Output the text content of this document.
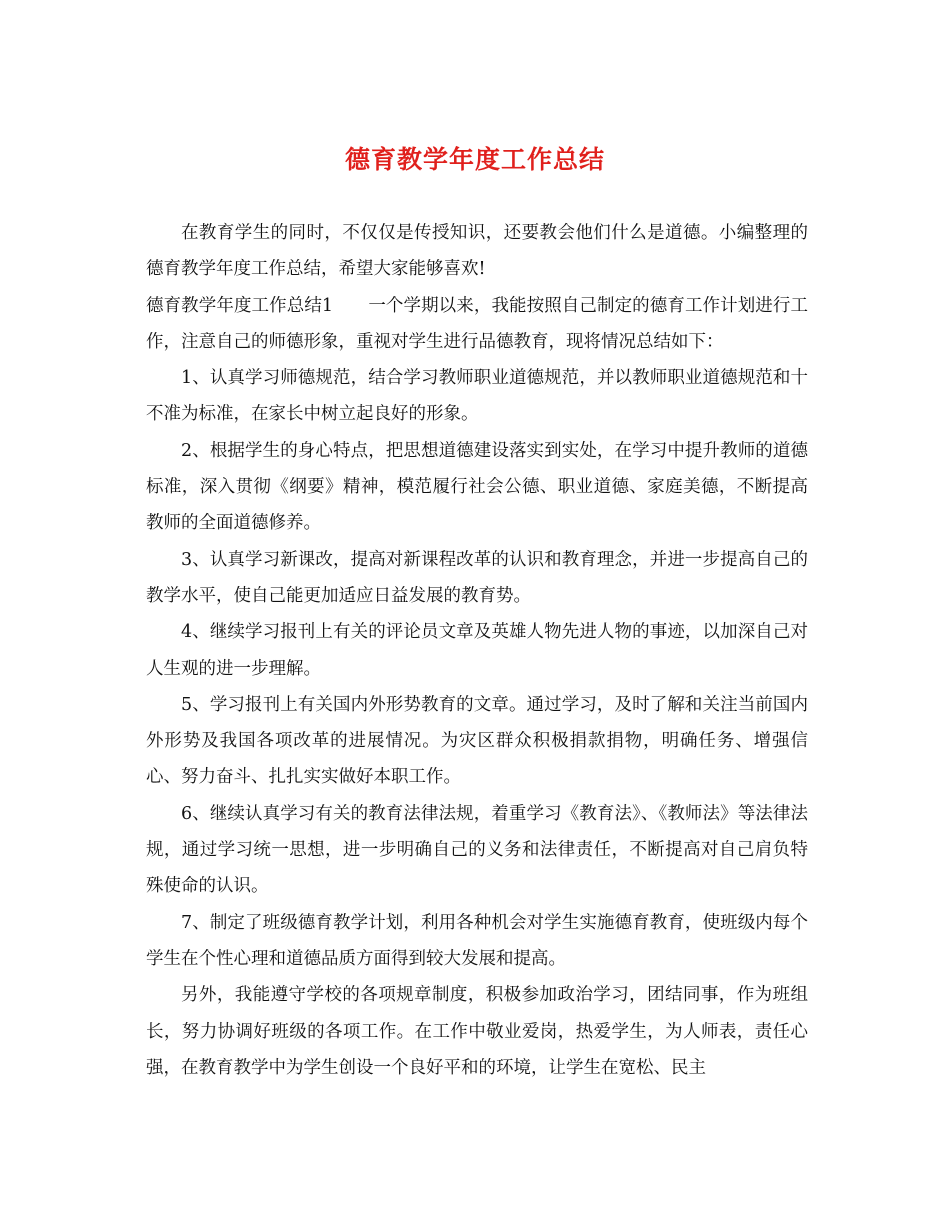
德育教学年度工作总结

在教育学生的同时，不仅仅是传授知识，还要教会他们什么是道德。小编整理的德育教学年度工作总结，希望大家能够喜欢!

德育教学年度工作总结1　　一个学期以来，我能按照自己制定的德育工作计划进行工作，注意自己的师德形象，重视对学生进行品德教育，现将情况总结如下：

1、认真学习师德规范，结合学习教师职业道德规范，并以教师职业道德规范和十不准为标准，在家长中树立起良好的形象。

2、根据学生的身心特点，把思想道德建设落实到实处，在学习中提升教师的道德标准，深入贯彻《纲要》精神，模范履行社会公德、职业道德、家庭美德，不断提高教师的全面道德修养。

3、认真学习新课改，提高对新课程改革的认识和教育理念，并进一步提高自己的教学水平，使自己能更加适应日益发展的教育势。

4、继续学习报刊上有关的评论员文章及英雄人物先进人物的事迹，以加深自己对人生观的进一步理解。

5、学习报刊上有关国内外形势教育的文章。通过学习，及时了解和关注当前国内外形势及我国各项改革的进展情况。为灾区群众积极捐款捐物，明确任务、增强信心、努力奋斗、扎扎实实做好本职工作。

6、继续认真学习有关的教育法律法规，着重学习《教育法》、《教师法》等法律法规，通过学习统一思想，进一步明确自己的义务和法律责任，不断提高对自己肩负特殊使命的认识。

7、制定了班级德育教学计划，利用各种机会对学生实施德育教育，使班级内每个学生在个性心理和道德品质方面得到较大发展和提高。

另外，我能遵守学校的各项规章制度，积极参加政治学习，团结同事，作为班组长，努力协调好班级的各项工作。在工作中敬业爱岗，热爱学生，为人师表，责任心强，在教育教学中为学生创设一个良好平和的环境，让学生在宽松、民主
